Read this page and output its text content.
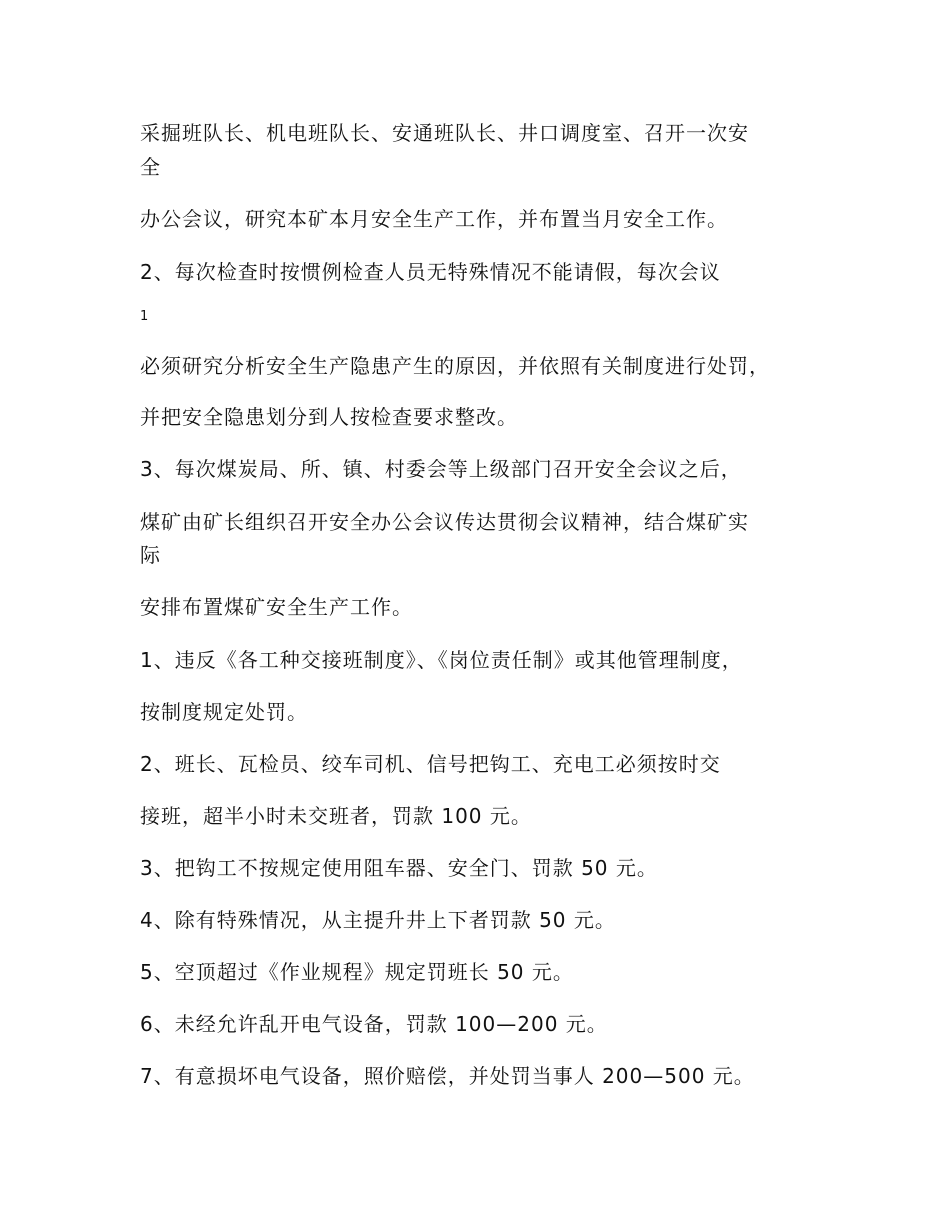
采掘班队长、机电班队长、安通班队长、井口调度室、召开一次安

全

办公会议，研究本矿本月安全生产工作，并布置当月安全工作。

2、每次检查时按惯例检查人员无特殊情况不能请假，每次会议

1

必须研究分析安全生产隐患产生的原因，并依照有关制度进行处罚，

并把安全隐患划分到人按检查要求整改。

3、每次煤炭局、所、镇、村委会等上级部门召开安全会议之后，

煤矿由矿长组织召开安全办公会议传达贯彻会议精神，结合煤矿实

际

安排布置煤矿安全生产工作。

1、违反《各工种交接班制度》、《岗位责任制》或其他管理制度，

按制度规定处罚。

2、班长、瓦检员、绞车司机、信号把钩工、充电工必须按时交

接班，超半小时未交班者，罚款 100 元。

3、把钩工不按规定使用阻车器、安全门、罚款 50 元。

4、除有特殊情况，从主提升井上下者罚款 50 元。

5、空顶超过《作业规程》规定罚班长 50 元。

6、未经允许乱开电气设备，罚款 100—200 元。

7、有意损坏电气设备，照价赔偿，并处罚当事人 200—500 元。
